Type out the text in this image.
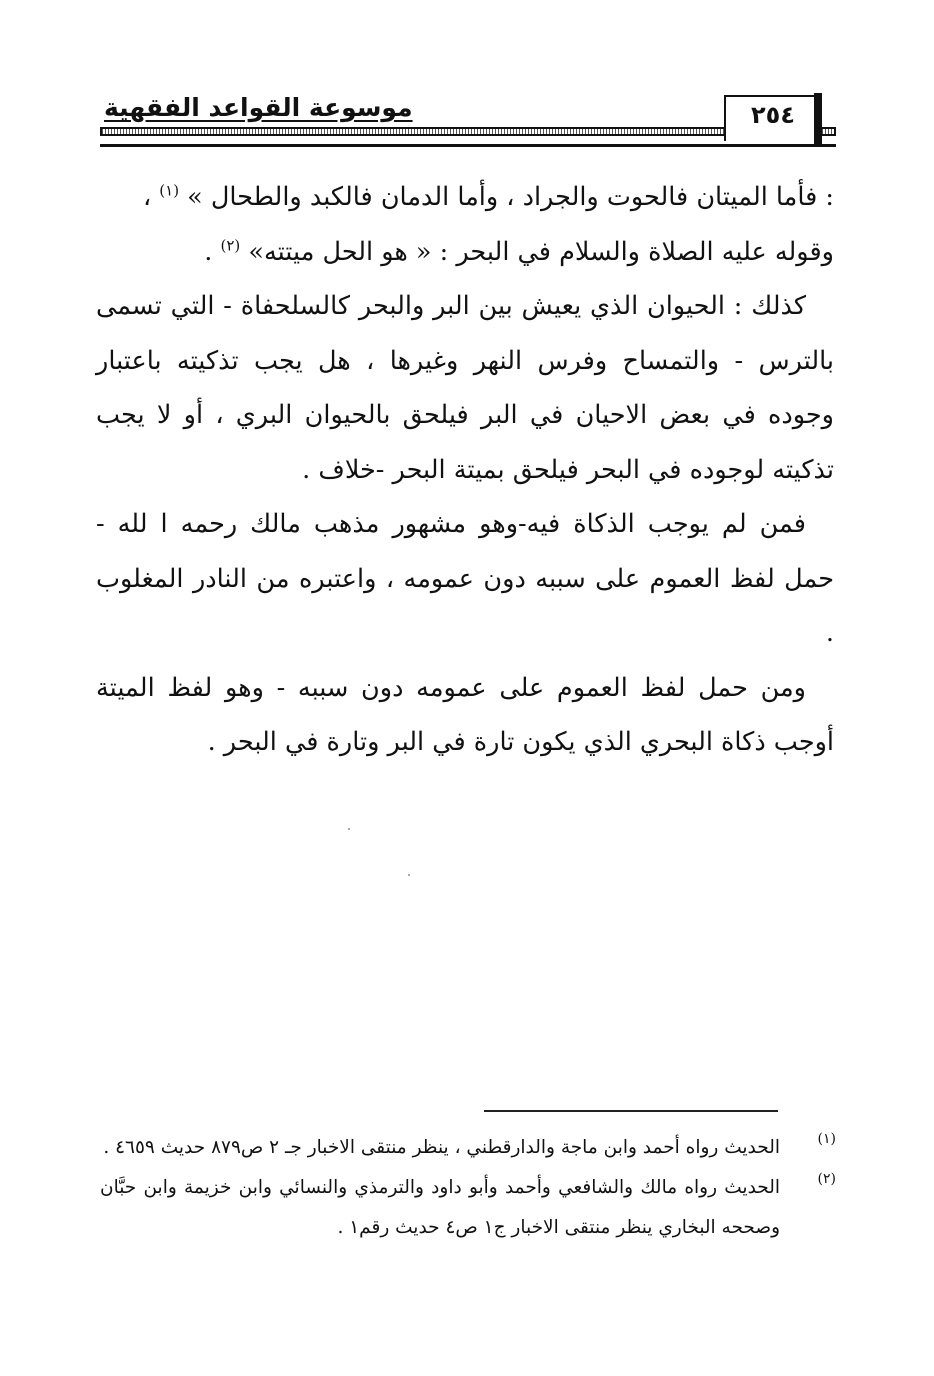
موسوعة القواعد الفقهية	٢٥٤

: فأما الميتان فالحوت والجراد ، وأما الدمان فالكبد والطحال » $^{(١)}$ ،

وقوله عليه الصلاة والسلام في البحر : « هو الحل ميتته» $^{(٢)}$ .

كذلك : الحيوان الذي يعيش بين البر والبحر كالسلحفاة - التي تسمى بالترس - والتمساح وفرس النهر وغيرها ، هل يجب تذكيته باعتبار وجوده في بعض الاحيان في البر فيلحق بالحيوان البري ، أو لا يجب تذكيته لوجوده في البحر فيلحق بميتة البحر -خلاف .

فمن لم يوجب الذكاة فيه-وهو مشهور مذهب مالك رحمه ا لله - حمل لفظ العموم على سببه دون عمومه ، واعتبره من النادر المغلوب .

ومن حمل لفظ العموم على عمومه دون سببه - وهو لفظ الميتة أوجب ذكاة البحري الذي يكون تارة في البر وتارة في البحر .

(١)
الحديث رواه أحمد وابن ماجة والدارقطني ، ينظر منتقى الاخبار جـ ٢ ص٨٧٩ حديث ٤٦٥٩ .
(٢)
الحديث رواه مالك والشافعي وأحمد وأبو داود والترمذي والنسائي وابن خزيمة وابن حبَّان وصححه البخاري ينظر منتقى الاخبار ج١ ص٤ حديث رقم١ .
